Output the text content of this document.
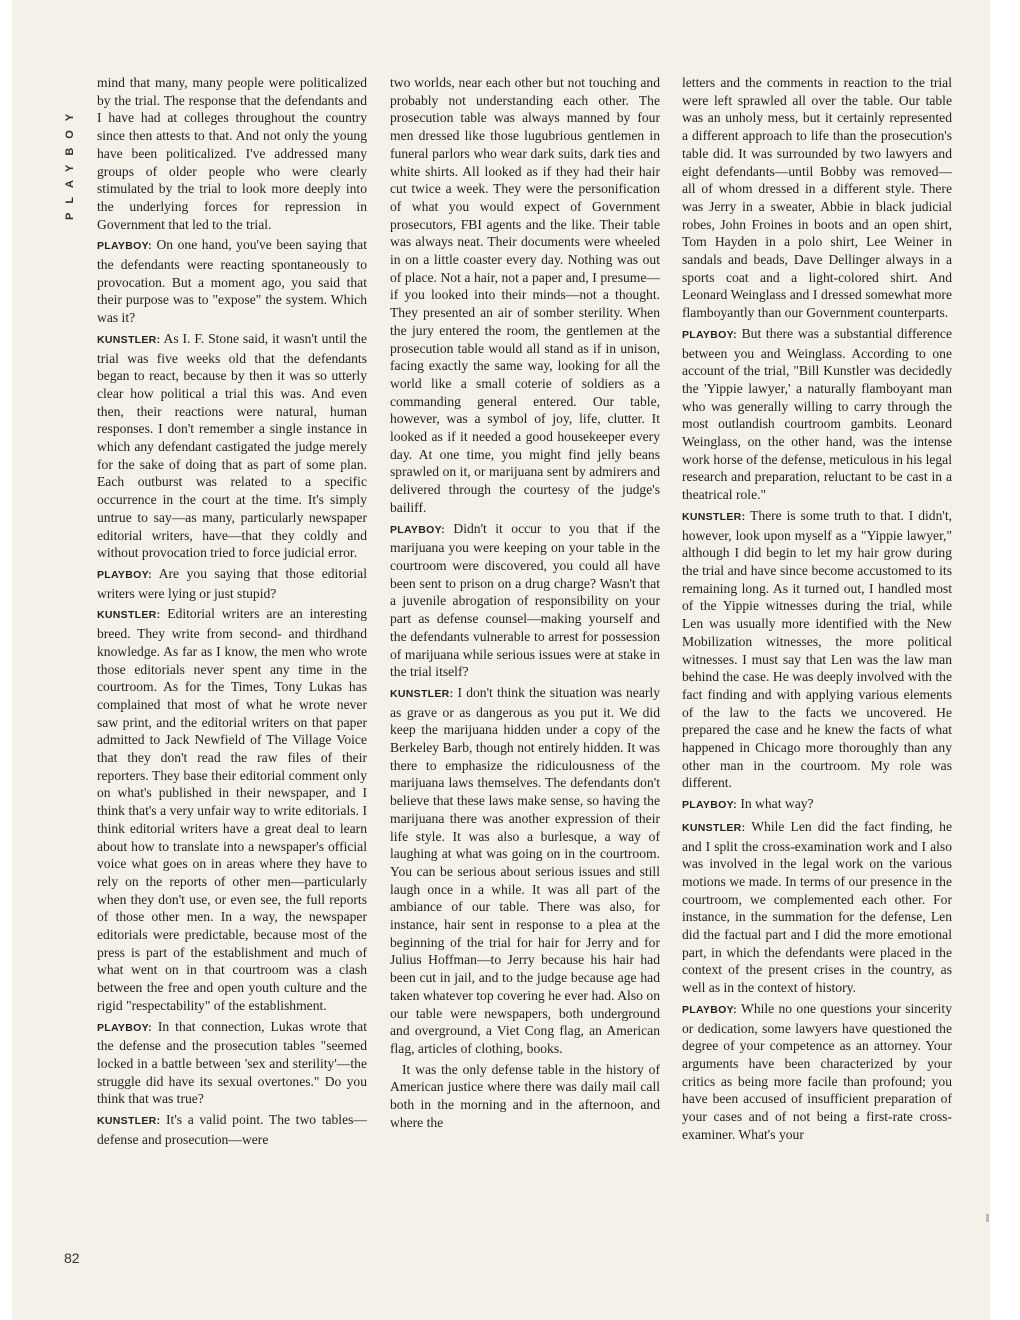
PLAYBOY
82

mind that many, many people were politicalized by the trial. The response that the defendants and I have had at colleges throughout the country since then attests to that. And not only the young have been politicalized. I've addressed many groups of older people who were clearly stimulated by the trial to look more deeply into the underlying forces for repression in Government that led to the trial.

PLAYBOY: On one hand, you've been saying that the defendants were reacting spontaneously to provocation. But a moment ago, you said that their purpose was to "expose" the system. Which was it?

KUNSTLER: As I. F. Stone said, it wasn't until the trial was five weeks old that the defendants began to react, because by then it was so utterly clear how political a trial this was. And even then, their reactions were natural, human responses. I don't remember a single instance in which any defendant castigated the judge merely for the sake of doing that as part of some plan. Each outburst was related to a specific occurrence in the court at the time. It's simply untrue to say—as many, particularly newspaper editorial writers, have—that they coldly and without provocation tried to force judicial error.

PLAYBOY: Are you saying that those editorial writers were lying or just stupid?

KUNSTLER: Editorial writers are an interesting breed. They write from second- and thirdhand knowledge. As far as I know, the men who wrote those editorials never spent any time in the courtroom. As for the Times, Tony Lukas has complained that most of what he wrote never saw print, and the editorial writers on that paper admitted to Jack Newfield of The Village Voice that they don't read the raw files of their reporters. They base their editorial comment only on what's published in their newspaper, and I think that's a very unfair way to write editorials. I think editorial writers have a great deal to learn about how to translate into a newspaper's official voice what goes on in areas where they have to rely on the reports of other men—particularly when they don't use, or even see, the full reports of those other men. In a way, the newspaper editorials were predictable, because most of the press is part of the establishment and much of what went on in that courtroom was a clash between the free and open youth culture and the rigid "respectability" of the establishment.

PLAYBOY: In that connection, Lukas wrote that the defense and the prosecution tables "seemed locked in a battle between 'sex and sterility'—the struggle did have its sexual overtones." Do you think that was true?

KUNSTLER: It's a valid point. The two tables—defense and prosecution—were

two worlds, near each other but not touching and probably not understanding each other. The prosecution table was always manned by four men dressed like those lugubrious gentlemen in funeral parlors who wear dark suits, dark ties and white shirts. All looked as if they had their hair cut twice a week. They were the personification of what you would expect of Government prosecutors, FBI agents and the like. Their table was always neat. Their documents were wheeled in on a little coaster every day. Nothing was out of place. Not a hair, not a paper and, I presume—if you looked into their minds—not a thought. They presented an air of somber sterility. When the jury entered the room, the gentlemen at the prosecution table would all stand as if in unison, facing exactly the same way, looking for all the world like a small coterie of soldiers as a commanding general entered. Our table, however, was a symbol of joy, life, clutter. It looked as if it needed a good housekeeper every day. At one time, you might find jelly beans sprawled on it, or marijuana sent by admirers and delivered through the courtesy of the judge's bailiff.

PLAYBOY: Didn't it occur to you that if the marijuana you were keeping on your table in the courtroom were discovered, you could all have been sent to prison on a drug charge? Wasn't that a juvenile abrogation of responsibility on your part as defense counsel—making yourself and the defendants vulnerable to arrest for possession of marijuana while serious issues were at stake in the trial itself?

KUNSTLER: I don't think the situation was nearly as grave or as dangerous as you put it. We did keep the marijuana hidden under a copy of the Berkeley Barb, though not entirely hidden. It was there to emphasize the ridiculousness of the marijuana laws themselves. The defendants don't believe that these laws make sense, so having the marijuana there was another expression of their life style. It was also a burlesque, a way of laughing at what was going on in the courtroom. You can be serious about serious issues and still laugh once in a while. It was all part of the ambiance of our table. There was also, for instance, hair sent in response to a plea at the beginning of the trial for hair for Jerry and for Julius Hoffman—to Jerry because his hair had been cut in jail, and to the judge because age had taken whatever top covering he ever had. Also on our table were newspapers, both underground and overground, a Viet Cong flag, an American flag, articles of clothing, books.

It was the only defense table in the history of American justice where there was daily mail call both in the morning and in the afternoon, and where the

letters and the comments in reaction to the trial were left sprawled all over the table. Our table was an unholy mess, but it certainly represented a different approach to life than the prosecution's table did. It was surrounded by two lawyers and eight defendants—until Bobby was removed—all of whom dressed in a different style. There was Jerry in a sweater, Abbie in black judicial robes, John Froines in boots and an open shirt, Tom Hayden in a polo shirt, Lee Weiner in sandals and beads, Dave Dellinger always in a sports coat and a light-colored shirt. And Leonard Weinglass and I dressed somewhat more flamboyantly than our Government counterparts.

PLAYBOY: But there was a substantial difference between you and Weinglass. According to one account of the trial, "Bill Kunstler was decidedly the 'Yippie lawyer,' a naturally flamboyant man who was generally willing to carry through the most outlandish courtroom gambits. Leonard Weinglass, on the other hand, was the intense work horse of the defense, meticulous in his legal research and preparation, reluctant to be cast in a theatrical role."

KUNSTLER: There is some truth to that. I didn't, however, look upon myself as a "Yippie lawyer," although I did begin to let my hair grow during the trial and have since become accustomed to its remaining long. As it turned out, I handled most of the Yippie witnesses during the trial, while Len was usually more identified with the New Mobilization witnesses, the more political witnesses. I must say that Len was the law man behind the case. He was deeply involved with the fact finding and with applying various elements of the law to the facts we uncovered. He prepared the case and he knew the facts of what happened in Chicago more thoroughly than any other man in the courtroom. My role was different.

PLAYBOY: In what way?

KUNSTLER: While Len did the fact finding, he and I split the cross-examination work and I also was involved in the legal work on the various motions we made. In terms of our presence in the courtroom, we complemented each other. For instance, in the summation for the defense, Len did the factual part and I did the more emotional part, in which the defendants were placed in the context of the present crises in the country, as well as in the context of history.

PLAYBOY: While no one questions your sincerity or dedication, some lawyers have questioned the degree of your competence as an attorney. Your arguments have been characterized by your critics as being more facile than profound; you have been accused of insufficient preparation of your cases and of not being a first-rate cross-examiner. What's your
